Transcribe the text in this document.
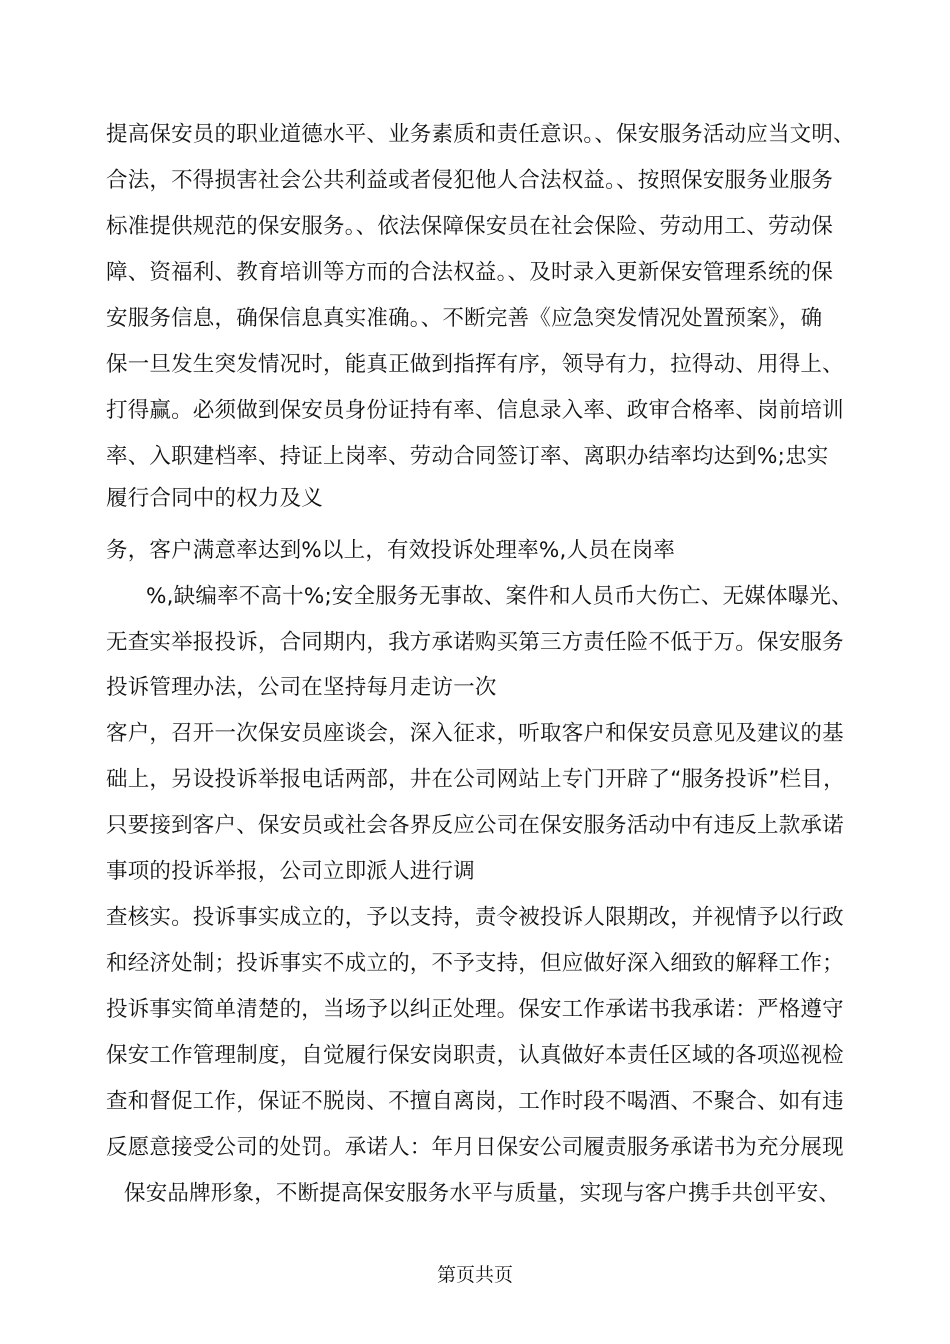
提高保安员的职业道德水平、业务素质和责任意识。、保安服务活动应当文明、
合法，不得损害社会公共利益或者侵犯他人合法权益。、按照保安服务业服务
标准提供规范的保安服务。、依法保障保安员在社会保险、劳动用工、劳动保
障、资福利、教育培训等方而的合法权益。、及时录入更新保安管理系统的保
安服务信息，确保信息真实准确。、不断完善《应急突发情况处置预案》，确
保一旦发生突发情况时，能真正做到指挥有序，领导有力，拉得动、用得上、
打得赢。必须做到保安员身份证持有率、信息录入率、政审合格率、岗前培训
率、入职建档率、持证上岗率、劳动合同签订率、离职办结率均达到%;忠实
履行合同中的权力及义
务，客户满意率达到%以上，有效投诉处理率%,人员在岗率
%,缺编率不高十%;安全服务无事故、案件和人员币大伤亡、无媒体曝光、
无查实举报投诉，合同期内，我方承诺购买第三方责任险不低于万。保安服务
投诉管理办法，公司在坚持每月走访一次
客户，召开一次保安员座谈会，深入征求，听取客户和保安员意见及建议的基
础上，另设投诉举报电话两部，井在公司网站上专门开辟了“服务投诉”栏目，
只要接到客户、保安员或社会各界反应公司在保安服务活动中有违反上款承诺
事项的投诉举报，公司立即派人进行调
查核实。投诉事实成立的，予以支持，责令被投诉人限期改，并视情予以行政
和经济处制；投诉事实不成立的，不予支持，但应做好深入细致的解释工作；
投诉事实简单清楚的，当场予以纠正处理。保安工作承诺书我承诺：严格遵守
保安工作管理制度，自觉履行保安岗职责，认真做好本责任区域的各项巡视检
查和督促工作，保证不脱岗、不擅自离岗，工作时段不喝酒、不聚合、如有违
反愿意接受公司的处罚。承诺人：年月日保安公司履责服务承诺书为充分展现
保安品牌形象，不断提高保安服务水平与质量，实现与客户携手共创平安、
第页共页
